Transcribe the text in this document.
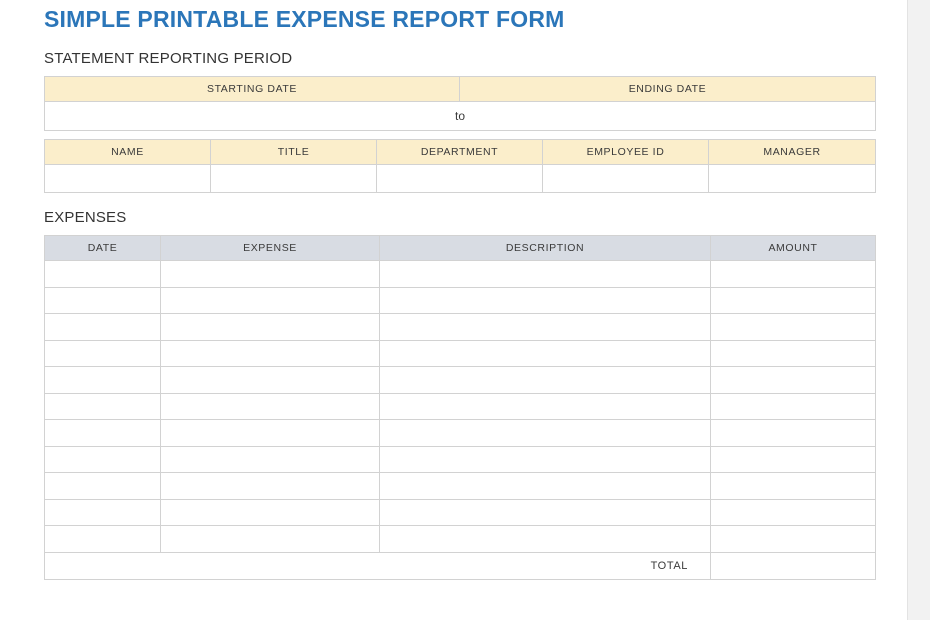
SIMPLE PRINTABLE EXPENSE REPORT FORM
STATEMENT REPORTING PERIOD
STARTING DATE	ENDING DATE
to
NAME	TITLE	DEPARTMENT	EMPLOYEE ID	MANAGER

EXPENSES
DATE	EXPENSE	DESCRIPTION	AMOUNT

TOTAL			
